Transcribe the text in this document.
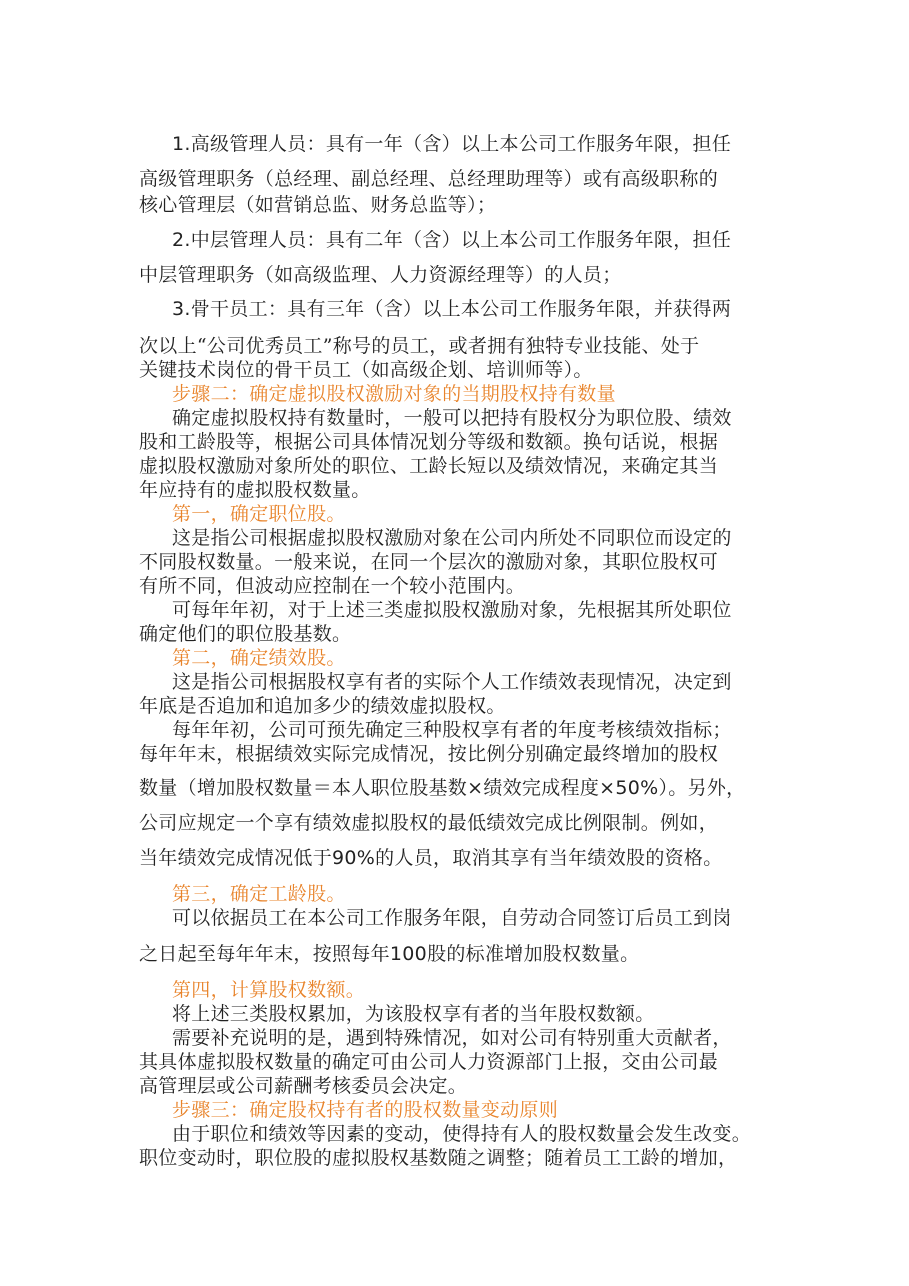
1.高级管理人员：具有一年（含）以上本公司工作服务年限，担任
高级管理职务（总经理、副总经理、总经理助理等）或有高级职称的
核心管理层（如营销总监、财务总监等）；
2.中层管理人员：具有二年（含）以上本公司工作服务年限，担任
中层管理职务（如高级监理、人力资源经理等）的人员；
3.骨干员工：具有三年（含）以上本公司工作服务年限，并获得两
次以上“公司优秀员工”称号的员工，或者拥有独特专业技能、处于
关键技术岗位的骨干员工（如高级企划、培训师等）。
步骤二：确定虚拟股权激励对象的当期股权持有数量
确定虚拟股权持有数量时，一般可以把持有股权分为职位股、绩效
股和工龄股等，根据公司具体情况划分等级和数额。换句话说，根据
虚拟股权激励对象所处的职位、工龄长短以及绩效情况，来确定其当
年应持有的虚拟股权数量。
第一，确定职位股。
这是指公司根据虚拟股权激励对象在公司内所处不同职位而设定的
不同股权数量。一般来说，在同一个层次的激励对象，其职位股权可
有所不同，但波动应控制在一个较小范围内。
可每年年初，对于上述三类虚拟股权激励对象，先根据其所处职位
确定他们的职位股基数。
第二，确定绩效股。
这是指公司根据股权享有者的实际个人工作绩效表现情况，决定到
年底是否追加和追加多少的绩效虚拟股权。
每年年初，公司可预先确定三种股权享有者的年度考核绩效指标；
每年年末，根据绩效实际完成情况，按比例分别确定最终增加的股权
数量（增加股权数量＝本人职位股基数×绩效完成程度×50%）。另外，
公司应规定一个享有绩效虚拟股权的最低绩效完成比例限制。例如，
当年绩效完成情况低于90%的人员，取消其享有当年绩效股的资格。
第三，确定工龄股。
可以依据员工在本公司工作服务年限，自劳动合同签订后员工到岗
之日起至每年年末，按照每年100股的标准增加股权数量。
第四，计算股权数额。
将上述三类股权累加，为该股权享有者的当年股权数额。
需要补充说明的是，遇到特殊情况，如对公司有特别重大贡献者，
其具体虚拟股权数量的确定可由公司人力资源部门上报，交由公司最
高管理层或公司薪酬考核委员会决定。
步骤三：确定股权持有者的股权数量变动原则
由于职位和绩效等因素的变动，使得持有人的股权数量会发生改变。
职位变动时，职位股的虚拟股权基数随之调整；随着员工工龄的增加，
